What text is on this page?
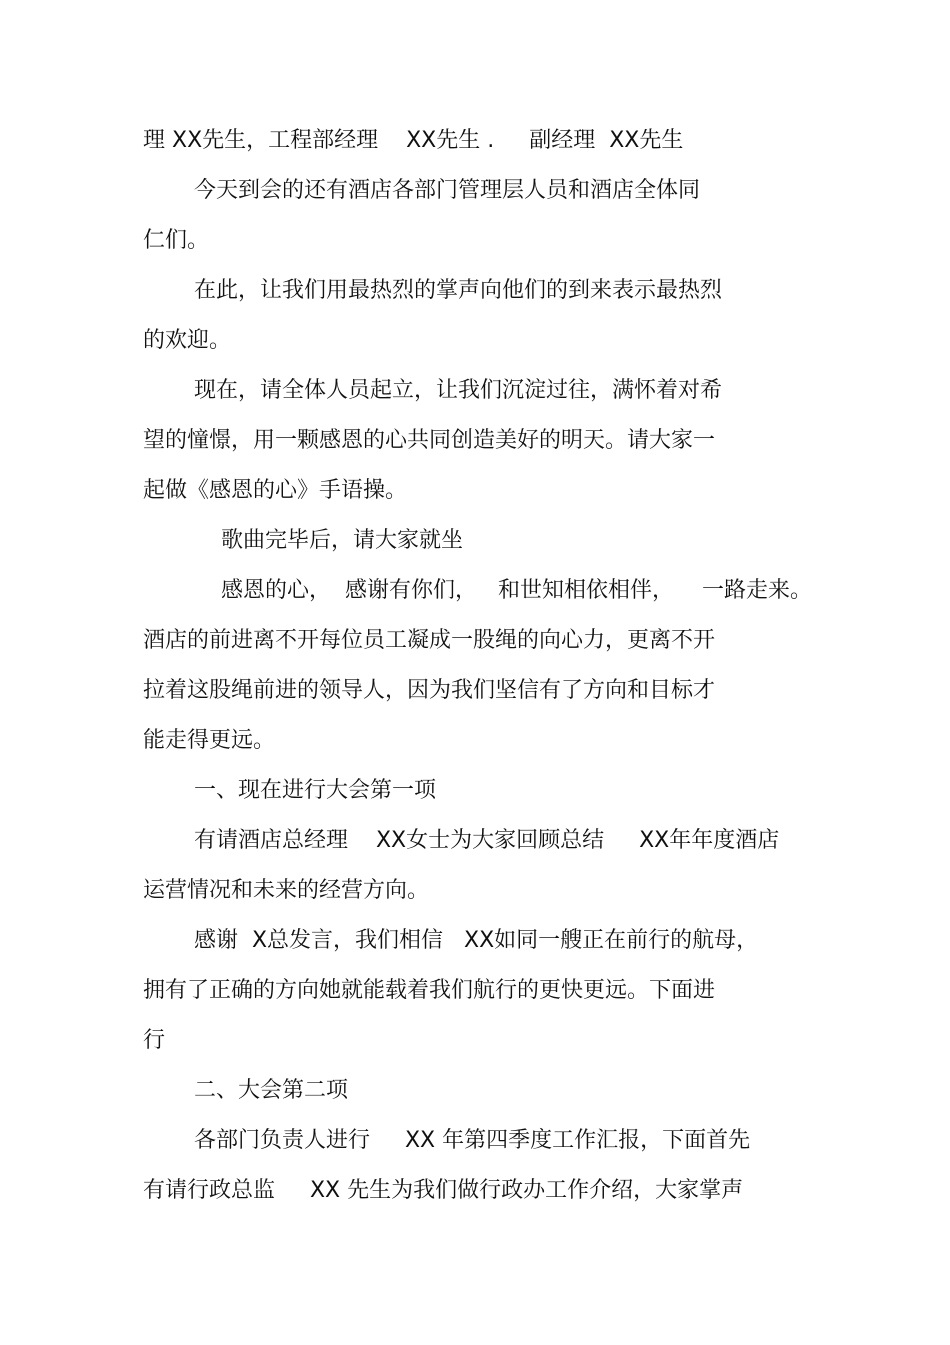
理 XX先生，工程部经理    XX先生 .     副经理  XX先生
今天到会的还有酒店各部门管理层人员和酒店全体同
仁们。
在此，让我们用最热烈的掌声向他们的到来表示最热烈
的欢迎。
现在，请全体人员起立，让我们沉淀过往，满怀着对希
望的憧憬，用一颗感恩的心共同创造美好的明天。请大家一
起做《感恩的心》手语操。
歌曲完毕后，请大家就坐
感恩的心，  感谢有你们，   和世知相依相伴，    一路走来。
酒店的前进离不开每位员工凝成一股绳的向心力，更离不开
拉着这股绳前进的领导人，因为我们坚信有了方向和目标才
能走得更远。
一、现在进行大会第一项
有请酒店总经理    XX女士为大家回顾总结     XX年年度酒店
运营情况和未来的经营方向。
感谢  X总发言，我们相信   XX如同一艘正在前行的航母，
拥有了正确的方向她就能载着我们航行的更快更远。下面进
行
二、大会第二项
各部门负责人进行     XX 年第四季度工作汇报，下面首先
有请行政总监     XX 先生为我们做行政办工作介绍，大家掌声
